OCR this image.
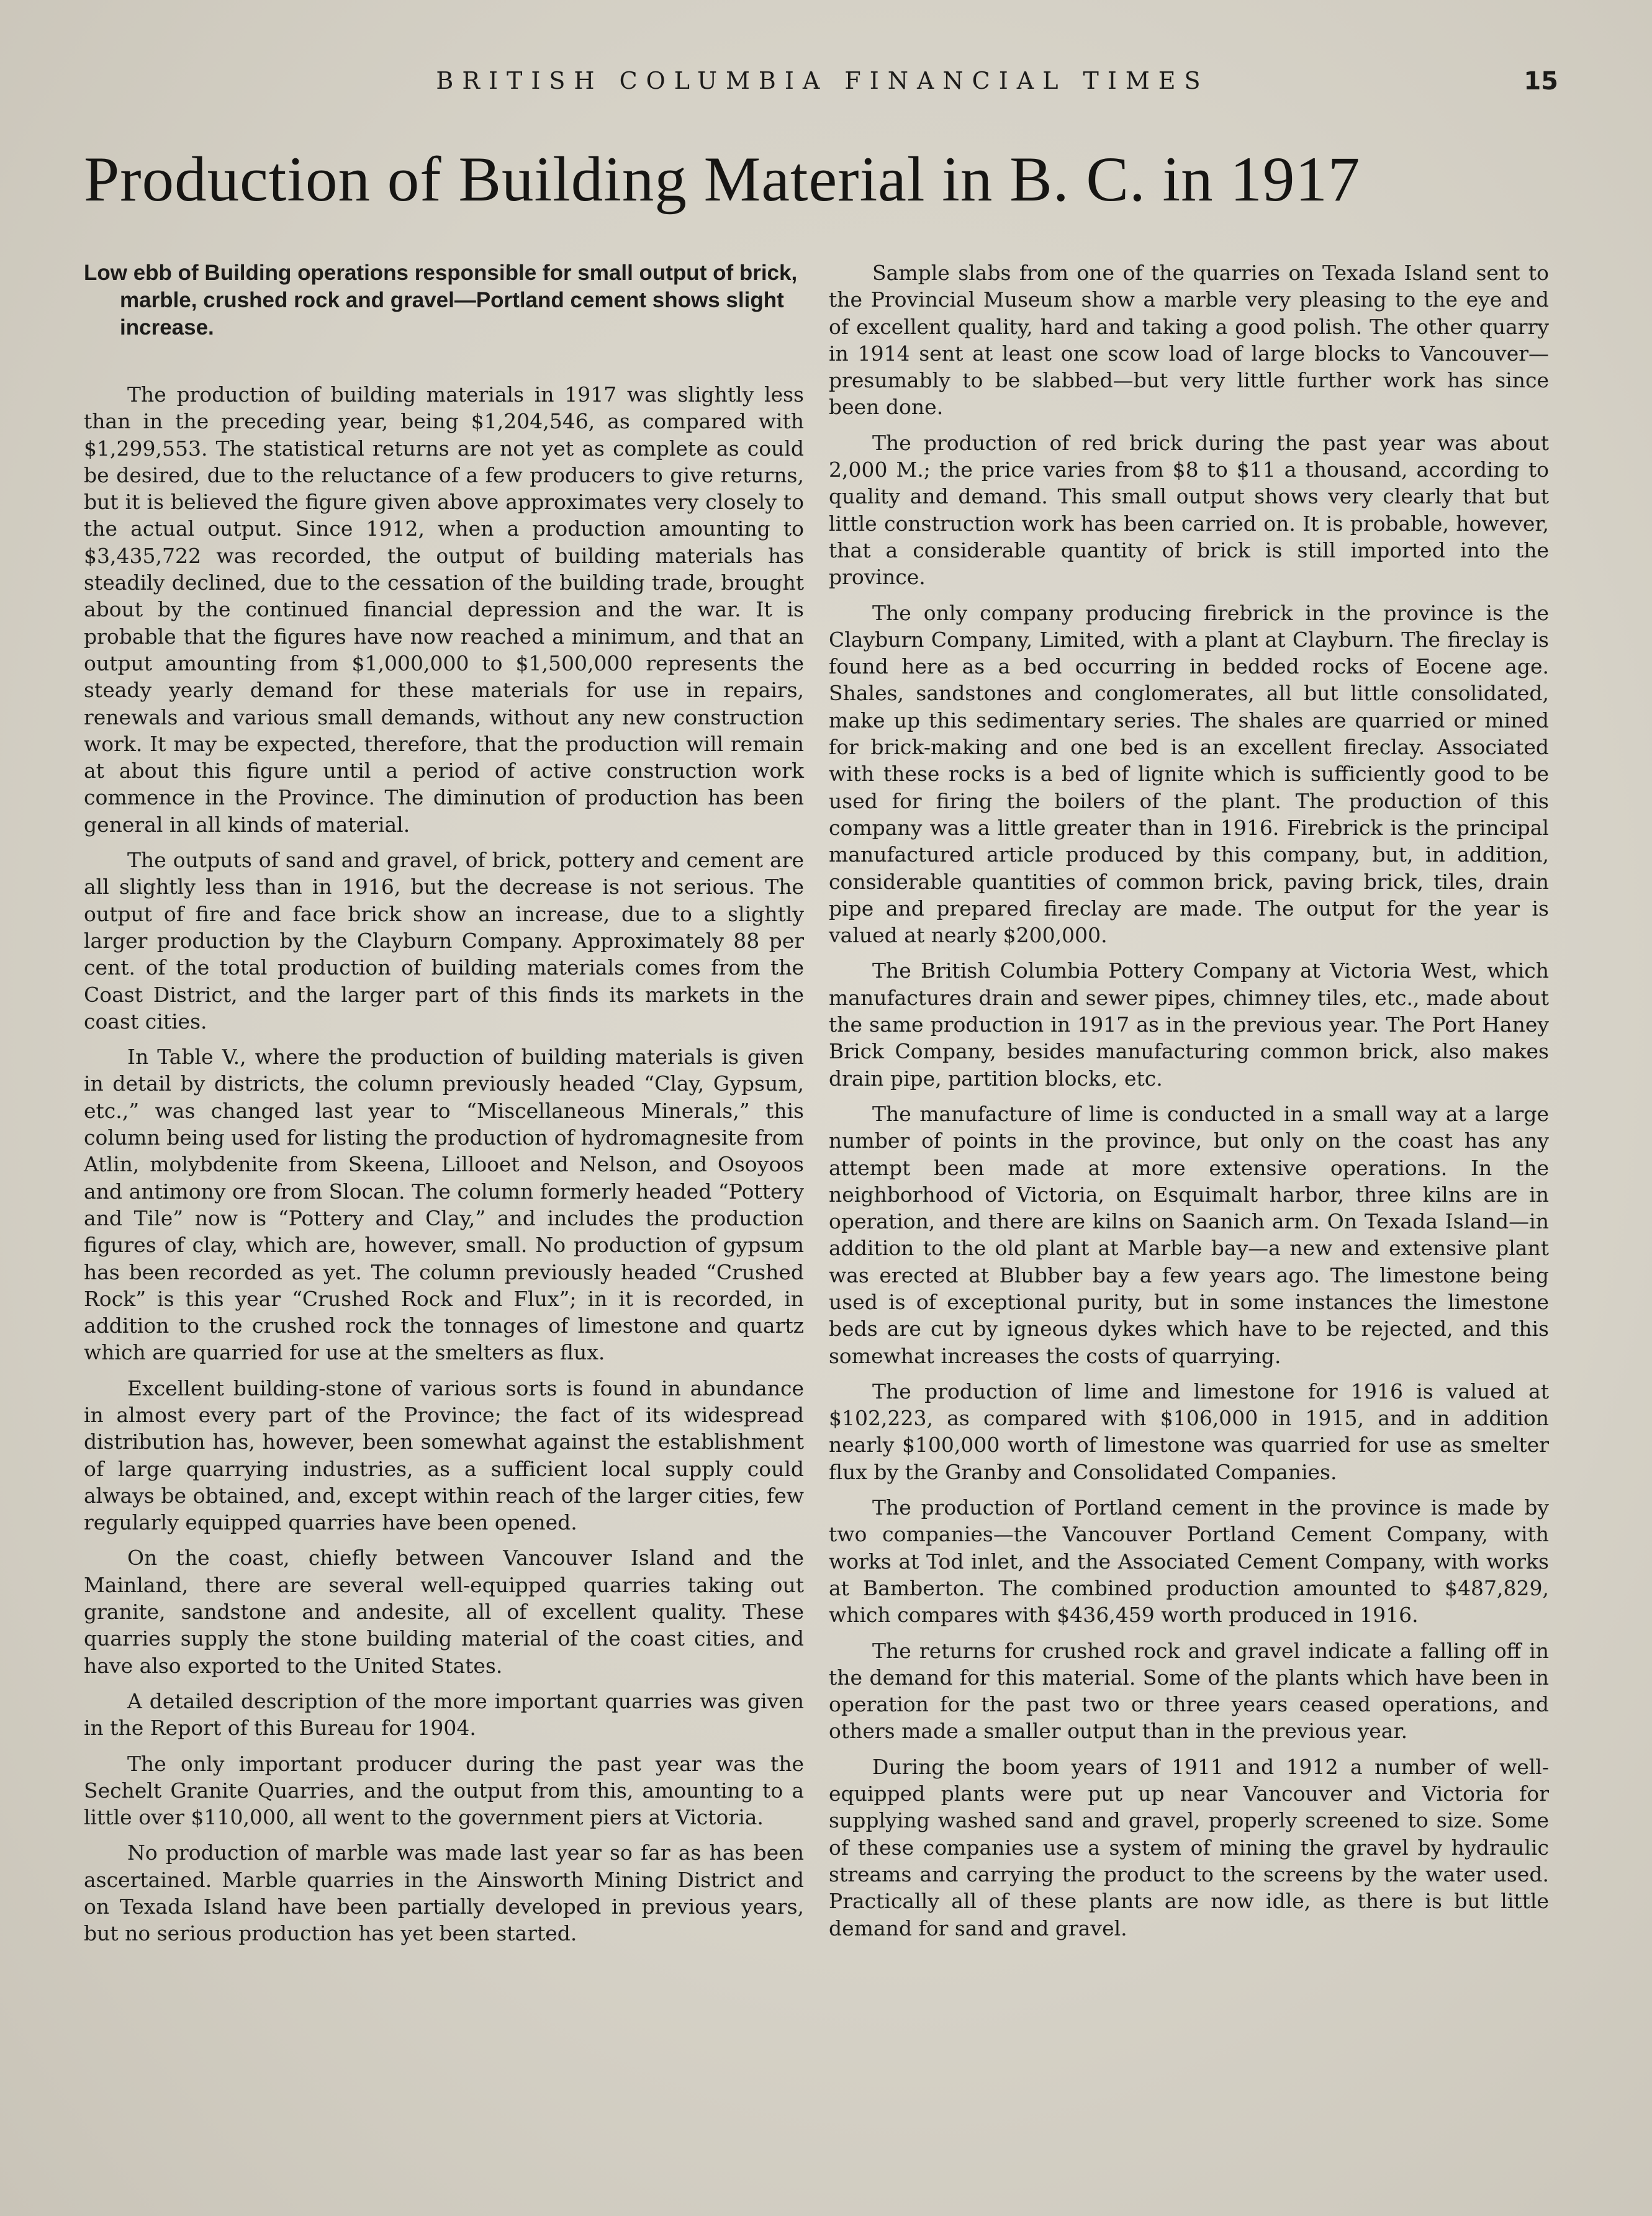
BRITISH COLUMBIA FINANCIAL TIMES	15
Production of Building Material in B. C. in 1917

Low ebb of Building operations responsible for small output of brick, marble, crushed rock and gravel—Portland cement shows slight increase.

The production of building materials in 1917 was slightly less than in the preceding year, being $1,204,546, as compared with $1,299,553. The statistical returns are not yet as complete as could be desired, due to the reluctance of a few producers to give returns, but it is believed the figure given above approximates very closely to the actual output. Since 1912, when a production amounting to $3,435,722 was recorded, the output of building materials has steadily declined, due to the cessation of the building trade, brought about by the continued financial depression and the war. It is probable that the figures have now reached a minimum, and that an output amounting from $1,000,000 to $1,500,000 represents the steady yearly demand for these materials for use in repairs, renewals and various small demands, without any new construction work. It may be expected, therefore, that the production will remain at about this figure until a period of active construction work commence in the Province. The diminution of production has been general in all kinds of material.

The outputs of sand and gravel, of brick, pottery and cement are all slightly less than in 1916, but the decrease is not serious. The output of fire and face brick show an increase, due to a slightly larger production by the Clayburn Company. Approximately 88 per cent. of the total production of building materials comes from the Coast District, and the larger part of this finds its markets in the coast cities.

In Table V., where the production of building materials is given in detail by districts, the column previously headed “Clay, Gypsum, etc.,” was changed last year to “Miscellaneous Minerals,” this column being used for listing the production of hydromagnesite from Atlin, molybdenite from Skeena, Lillooet and Nelson, and Osoyoos and antimony ore from Slocan. The column formerly headed “Pottery and Tile” now is “Pottery and Clay,” and includes the production figures of clay, which are, however, small. No production of gypsum has been recorded as yet. The column previously headed “Crushed Rock” is this year “Crushed Rock and Flux”; in it is recorded, in addition to the crushed rock the tonnages of limestone and quartz which are quarried for use at the smelters as flux.

Excellent building-stone of various sorts is found in abundance in almost every part of the Province; the fact of its widespread distribution has, however, been somewhat against the establishment of large quarrying industries, as a sufficient local supply could always be obtained, and, except within reach of the larger cities, few regularly equipped quarries have been opened.

On the coast, chiefly between Vancouver Island and the Mainland, there are several well-equipped quarries taking out granite, sandstone and andesite, all of excellent quality. These quarries supply the stone building material of the coast cities, and have also exported to the United States.

A detailed description of the more important quarries was given in the Report of this Bureau for 1904.

The only important producer during the past year was the Sechelt Granite Quarries, and the output from this, amounting to a little over $110,000, all went to the government piers at Victoria.

No production of marble was made last year so far as has been ascertained. Marble quarries in the Ainsworth Mining District and on Texada Island have been partially developed in previous years, but no serious production has yet been started.

Sample slabs from one of the quarries on Texada Island sent to the Provincial Museum show a marble very pleasing to the eye and of excellent quality, hard and taking a good polish. The other quarry in 1914 sent at least one scow load of large blocks to Vancouver—presumably to be slabbed—but very little further work has since been done.

The production of red brick during the past year was about 2,000 M.; the price varies from $8 to $11 a thousand, according to quality and demand. This small output shows very clearly that but little construction work has been carried on. It is probable, however, that a considerable quantity of brick is still imported into the province.

The only company producing firebrick in the province is the Clayburn Company, Limited, with a plant at Clayburn. The fireclay is found here as a bed occurring in bedded rocks of Eocene age. Shales, sandstones and conglomerates, all but little consolidated, make up this sedimentary series. The shales are quarried or mined for brick-making and one bed is an excellent fireclay. Associated with these rocks is a bed of lignite which is sufficiently good to be used for firing the boilers of the plant. The production of this company was a little greater than in 1916. Firebrick is the principal manufactured article produced by this company, but, in addition, considerable quantities of common brick, paving brick, tiles, drain pipe and prepared fireclay are made. The output for the year is valued at nearly $200,000.

The British Columbia Pottery Company at Victoria West, which manufactures drain and sewer pipes, chimney tiles, etc., made about the same production in 1917 as in the previous year. The Port Haney Brick Company, besides manufacturing common brick, also makes drain pipe, partition blocks, etc.

The manufacture of lime is conducted in a small way at a large number of points in the province, but only on the coast has any attempt been made at more extensive operations. In the neighborhood of Victoria, on Esquimalt harbor, three kilns are in operation, and there are kilns on Saanich arm. On Texada Island—in addition to the old plant at Marble bay—a new and extensive plant was erected at Blubber bay a few years ago. The limestone being used is of exceptional purity, but in some instances the limestone beds are cut by igneous dykes which have to be rejected, and this somewhat increases the costs of quarrying.

The production of lime and limestone for 1916 is valued at $102,223, as compared with $106,000 in 1915, and in addition nearly $100,000 worth of limestone was quarried for use as smelter flux by the Granby and Consolidated Companies.

The production of Portland cement in the province is made by two companies—the Vancouver Portland Cement Company, with works at Tod inlet, and the Associated Cement Company, with works at Bamberton. The combined production amounted to $487,829, which compares with $436,459 worth produced in 1916.

The returns for crushed rock and gravel indicate a falling off in the demand for this material. Some of the plants which have been in operation for the past two or three years ceased operations, and others made a smaller output than in the previous year.

During the boom years of 1911 and 1912 a number of well-equipped plants were put up near Vancouver and Victoria for supplying washed sand and gravel, properly screened to size. Some of these companies use a system of mining the gravel by hydraulic streams and carrying the product to the screens by the water used. Practically all of these plants are now idle, as there is but little demand for sand and gravel.
